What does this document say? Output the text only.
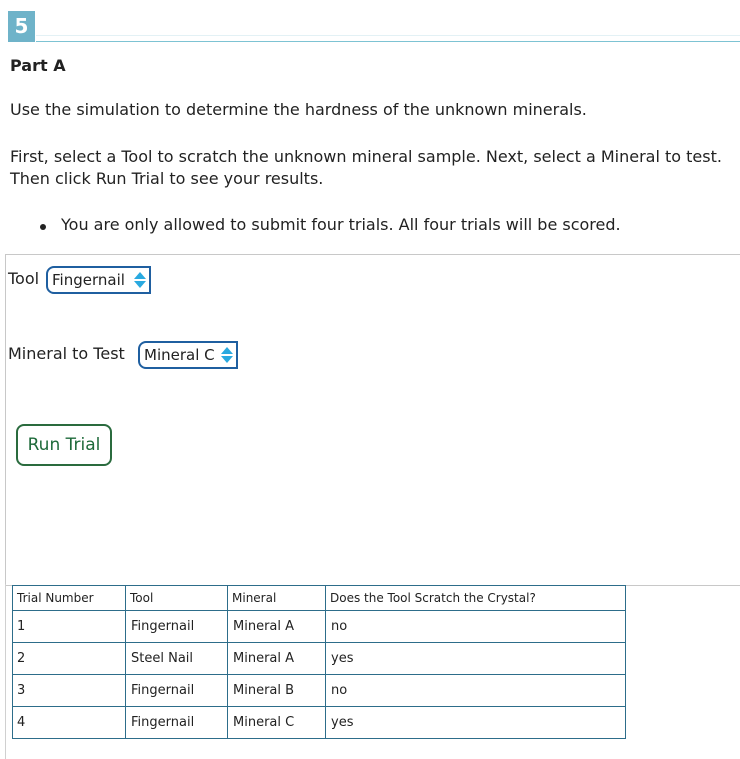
5
Part A
Use the simulation to determine the hardness of the unknown minerals.
First, select a Tool to scratch the unknown mineral sample. Next, select a Mineral to test. Then click Run Trial to see your results.
You are only allowed to submit four trials. All four trials will be scored.
Tool Fingernail
Mineral to Test	Mineral C
Run Trial
Trial Number	Tool	Mineral	Does the Tool Scratch the Crystal?
1	Fingernail	Mineral A	no
2	Steel Nail	Mineral A	yes
3	Fingernail	Mineral B	no
4	Fingernail	Mineral C	yes
